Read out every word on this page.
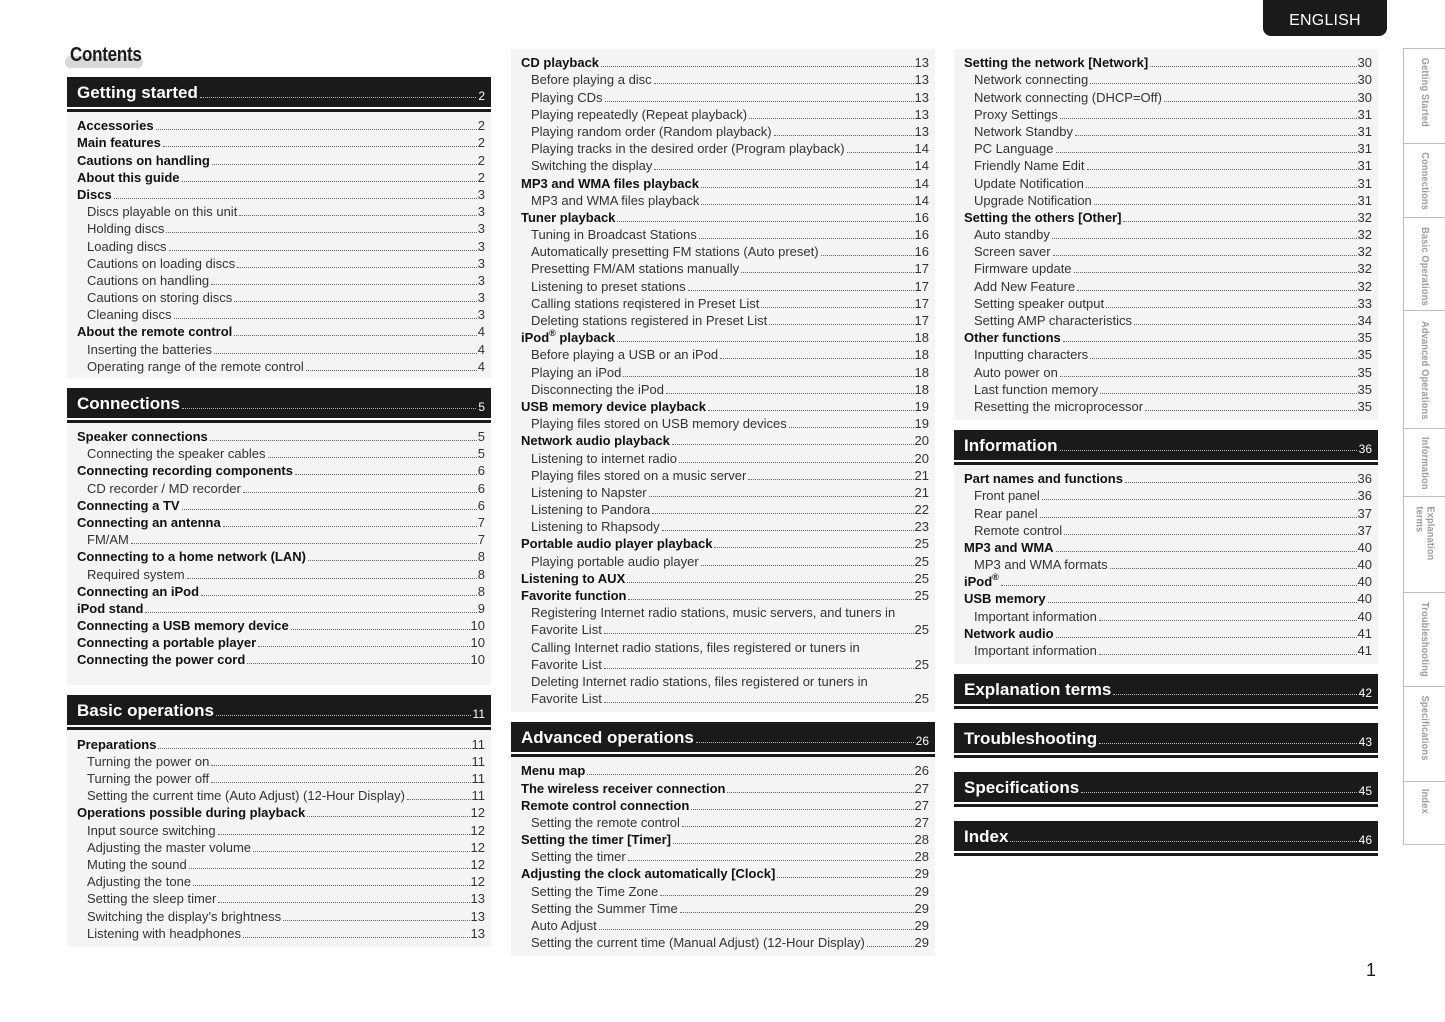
ENGLISH
Contents
Getting started	2
Accessories	2
Main features	2
Cautions on handling	2
About this guide	2
Discs	3
Discs playable on this unit	3
Holding discs	3
Loading discs	3
Cautions on loading discs	3
Cautions on handling	3
Cautions on storing discs	3
Cleaning discs	3
About the remote control	4
Inserting the batteries	4
Operating range of the remote control	4
Connections	5
Speaker connections	5
Connecting the speaker cables	5
Connecting recording components	6
CD recorder / MD recorder	6
Connecting a TV	6
Connecting an antenna	7
FM/AM	7
Connecting to a home network (LAN)	8
Required system	8
Connecting an iPod	8
iPod stand	9
Connecting a USB memory device	10
Connecting a portable player	10
Connecting the power cord	10
Basic operations	11
Preparations	11
Turning the power on	11
Turning the power off	11
Setting the current time (Auto Adjust) (12-Hour Display)	11
Operations possible during playback	12
Input source switching	12
Adjusting the master volume	12
Muting the sound	12
Adjusting the tone	12
Setting the sleep timer	13
Switching the display’s brightness	13
Listening with headphones	13
CD playback	13
Before playing a disc	13
Playing CDs	13
Playing repeatedly (Repeat playback)	13
Playing random order (Random playback)	13
Playing tracks in the desired order (Program playback)	14
Switching the display	14
MP3 and WMA files playback	14
MP3 and WMA files playback	14
Tuner playback	16
Tuning in Broadcast Stations	16
Automatically presetting FM stations (Auto preset)	16
Presetting FM/AM stations manually	17
Listening to preset stations	17
Calling stations reqistered in Preset List	17
Deleting stations registered in Preset List	17
iPod® playback	18
Before playing a USB or an iPod	18
Playing an iPod	18
Disconnecting the iPod	18
USB memory device playback	19
Playing files stored on USB memory devices	19
Network audio playback	20
Listening to internet radio	20
Playing files stored on a music server	21
Listening to Napster	21
Listening to Pandora	22
Listening to Rhapsody	23
Portable audio player playback	25
Playing portable audio player	25
Listening to AUX	25
Favorite function	25
Registering Internet radio stations, music servers, and tuners in
Favorite List	25
Calling Internet radio stations, files registered or tuners in
Favorite List	25
Deleting Internet radio stations, files registered or tuners in
Favorite List	25
Advanced operations	26
Menu map	26
The wireless receiver connection	27
Remote control connection	27
Setting the remote control	27
Setting the timer [Timer]	28
Setting the timer	28
Adjusting the clock automatically [Clock]	29
Setting the Time Zone	29
Setting the Summer Time	29
Auto Adjust	29
Setting the current time (Manual Adjust) (12-Hour Display)	29
Setting the network [Network]	30
Network connecting	30
Network connecting (DHCP=Off)	30
Proxy Settings	31
Network Standby	31
PC Language	31
Friendly Name Edit	31
Update Notification	31
Upgrade Notification	31
Setting the others [Other]	32
Auto standby	32
Screen saver	32
Firmware update	32
Add New Feature	32
Setting speaker output	33
Setting AMP characteristics	34
Other functions	35
Inputting characters	35
Auto power on	35
Last function memory	35
Resetting the microprocessor	35
Information	36
Part names and functions	36
Front panel	36
Rear panel	37
Remote control	37
MP3 and WMA	40
MP3 and WMA formats	40
iPod®	40
USB memory	40
Important information	40
Network audio	41
Important information	41
Explanation terms	42
Troubleshooting	43
Specifications	45
Index	46
Getting Started
Connections
Basic Operations
Advanced Operations
Information
Explanation terms
Troubleshooting
Specifications
Index
1
